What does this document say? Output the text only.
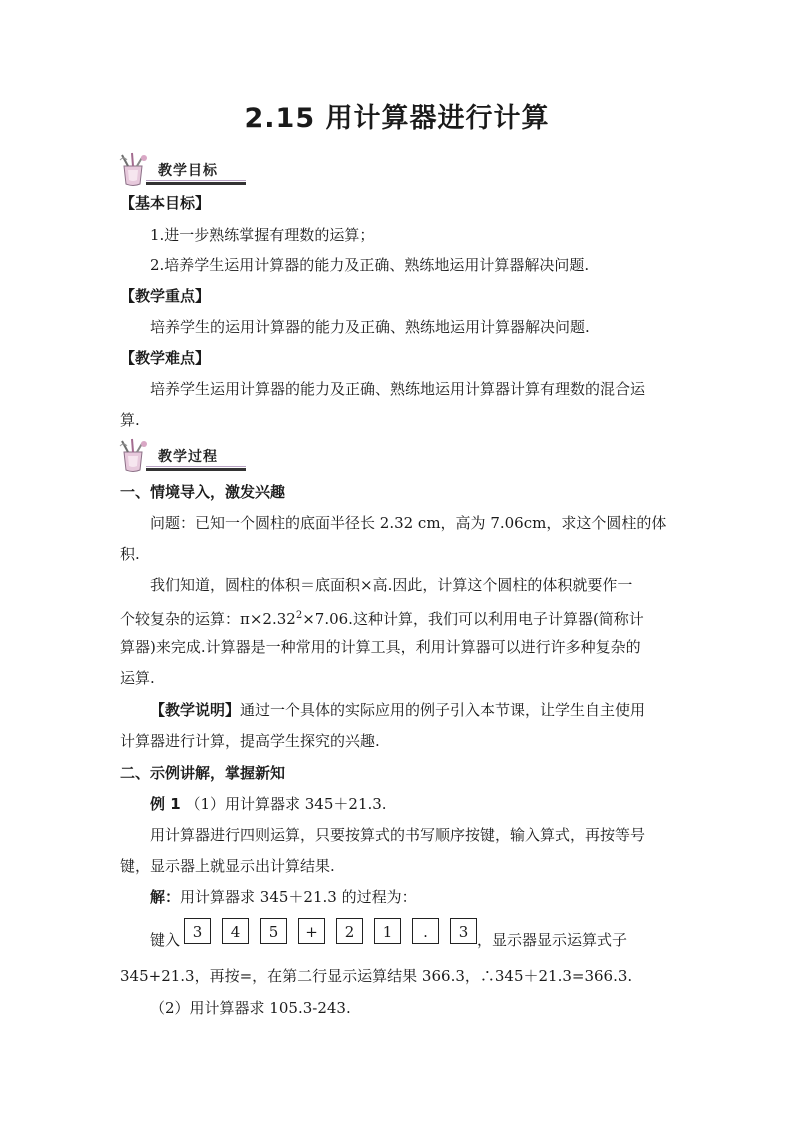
2.15 用计算器进行计算
教学目标
【基本目标】
1.进一步熟练掌握有理数的运算；
2.培养学生运用计算器的能力及正确、熟练地运用计算器解决问题.
【教学重点】
培养学生的运用计算器的能力及正确、熟练地运用计算器解决问题.
【教学难点】
培养学生运用计算器的能力及正确、熟练地运用计算器计算有理数的混合运
算.
教学过程
一、情境导入，激发兴趣
问题：已知一个圆柱的底面半径长 2.32 cm，高为 7.06cm，求这个圆柱的体
积.
我们知道，圆柱的体积＝底面积×高.因此，计算这个圆柱的体积就要作一
个较复杂的运算：$\pi\times 2.32^2\times 7.06$.这种计算，我们可以利用电子计算器(简称计
算器)来完成.计算器是一种常用的计算工具，利用计算器可以进行许多种复杂的
运算.
【教学说明】通过一个具体的实际应用的例子引入本节课，让学生自主使用
计算器进行计算，提高学生探究的兴趣.
二、示例讲解，掌握新知
例 1 （1）用计算器求 345＋21.3.
用计算器进行四则运算，只要按算式的书写顺序按键，输入算式，再按等号
键，显示器上就显示出计算结果.
解：用计算器求 345＋21.3 的过程为：
键入 3 4 5 + 2 1 . 3 ，显示器显示运算式子
345+21.3，再按=，在第二行显示运算结果 366.3，∴345＋21.3=366.3.
（2）用计算器求 105.3-243.
